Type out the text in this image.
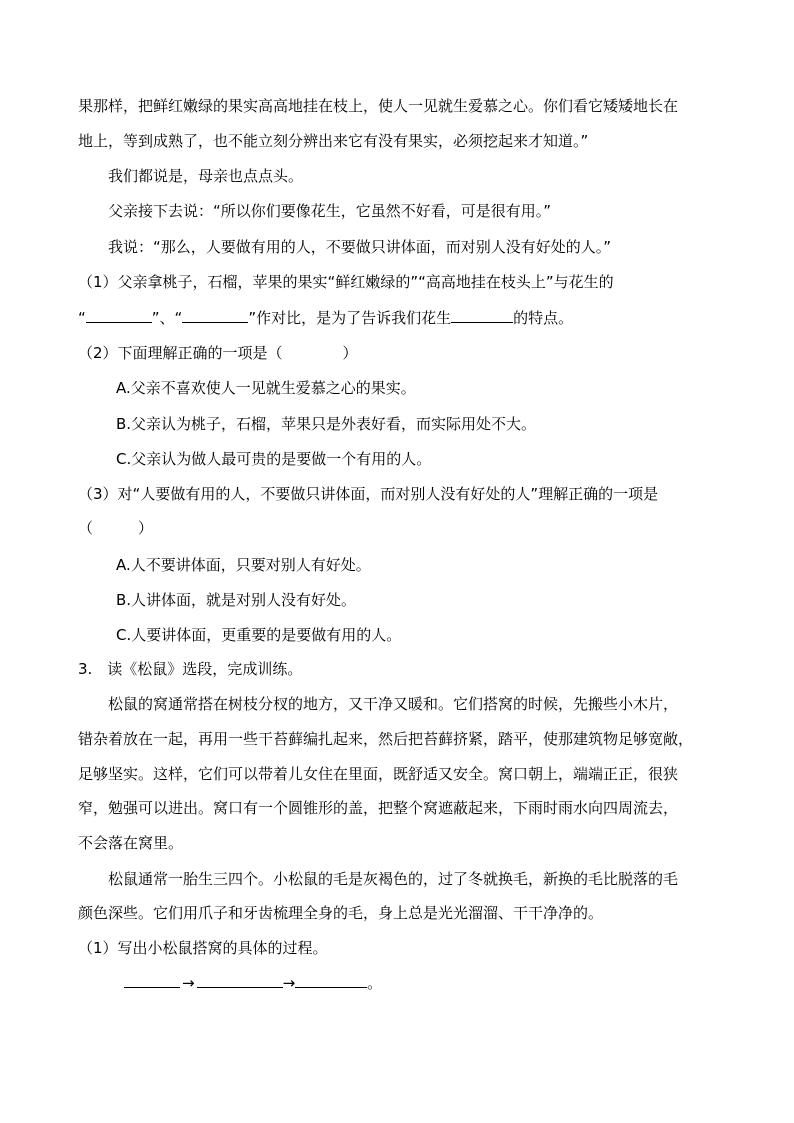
果那样，把鲜红嫩绿的果实高高地挂在枝上，使人一见就生爱慕之心。你们看它矮矮地长在
地上，等到成熟了，也不能立刻分辨出来它有没有果实，必须挖起来才知道。”
我们都说是，母亲也点点头。
父亲接下去说：“所以你们要像花生，它虽然不好看，可是很有用。”
我说：“那么，人要做有用的人，不要做只讲体面，而对别人没有好处的人。”
（1）父亲拿桃子，石榴，苹果的果实“鲜红嫩绿的”“高高地挂在枝头上”与花生的
“	”、“	”作对比，是为了告诉我们花生	的特点。
（2）下面理解正确的一项是（　　　　）
A.父亲不喜欢使人一见就生爱慕之心的果实。
B.父亲认为桃子，石榴，苹果只是外表好看，而实际用处不大。
C.父亲认为做人最可贵的是要做一个有用的人。
（3）对“人要做有用的人，不要做只讲体面，而对别人没有好处的人”理解正确的一项是
（　　　）
A.人不要讲体面，只要对别人有好处。
B.人讲体面，就是对别人没有好处。
C.人要讲体面，更重要的是要做有用的人。
3.　读《松鼠》选段，完成训练。
松鼠的窝通常搭在树枝分杈的地方，又干净又暖和。它们搭窝的时候，先搬些小木片，
错杂着放在一起，再用一些干苔藓编扎起来，然后把苔藓挤紧，踏平，使那建筑物足够宽敞，
足够坚实。这样，它们可以带着儿女住在里面，既舒适又安全。窝口朝上，端端正正，很狭
窄，勉强可以进出。窝口有一个圆锥形的盖，把整个窝遮蔽起来，下雨时雨水向四周流去，
不会落在窝里。
松鼠通常一胎生三四个。小松鼠的毛是灰褐色的，过了冬就换毛，新换的毛比脱落的毛
颜色深些。它们用爪子和牙齿梳理全身的毛，身上总是光光溜溜、干干净净的。
（1）写出小松鼠搭窝的具体的过程。
→	→	。
